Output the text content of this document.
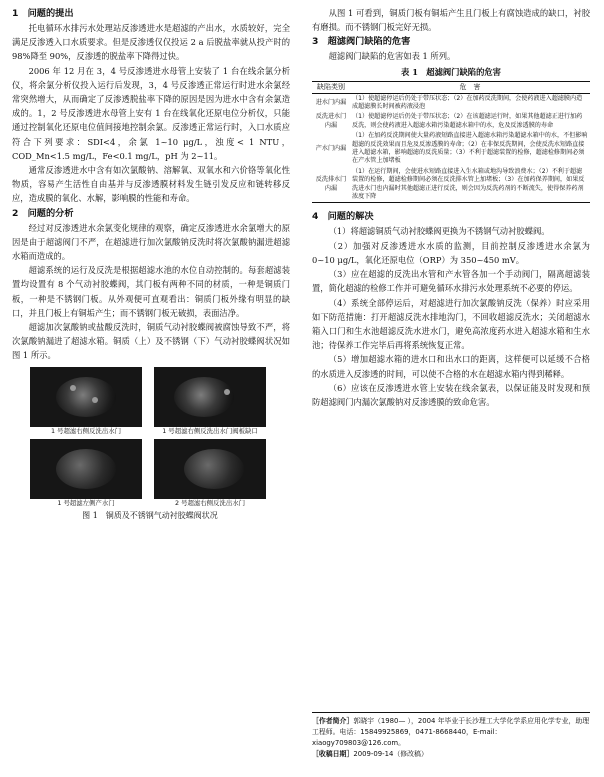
1　问题的提出

托电循环水排污水处理站反渗透进水是超滤的产出水，水质较好，完全满足反渗透入口水质要求。但是反渗透仅仅投运 2 a 后脱盐率就从投产时的 98%降至 90%，反渗透的脱盐率下降得过快。

2006 年 12 月在 3，4 号反渗透进水母管上安装了 1 台在线余氯分析仪，将余氯分析仪投入运行后发现，3，4 号反渗透正常运行时进水余氯经常突然增大，从而确定了反渗透脱盐率下降的原因是因为进水中含有余氯造成的。1，2 号反渗透进水母管上安有 1 台在线氧化还原电位分析仪，只能通过控制氧化还原电位值间接地控制余氯。反渗透正常运行时，入口水质应符合下列要求：SDI<4，余氯 1~10 μg/L，浊度< 1 NTU，COD_Mn<1.5 mg/L，Fe<0.1 mg/L，pH 为 2~11。

通常反渗透进水中含有如次氯酸钠、溶解氧、双氧水和六价铬等氧化性物质，容易产生活性自由基并与反渗透膜材料发生链引发反应和链转移反应，造成膜的氧化、水解，影响膜的性能和寿命。

2　问题的分析

经过对反渗透进水余氯变化规律的观察，确定反渗透进水余氯增大的原因是由于超滤阀门不严，在超滤进行加次氯酸钠反洗时将次氯酸钠漏进超滤水箱而造成的。

超滤系统的运行及反洗是根据超滤水池的水位自动控制的。每套超滤装置均设置有 8 个气动衬胶蝶阀，其门板有两种不同的材质，一种是铜质门板，一种是不锈钢门板。从外观便可直观看出：铜质门板外缘有明显的缺口，并且门板上有铜垢产生；而不锈钢门板无破损，表面洁净。

超滤加次氯酸钠或盐酸反洗时，铜质气动衬胶蝶阀被腐蚀导致不严，将次氯酸钠漏进了超滤水箱。铜质（上）及不锈钢（下）气动衬胶蝶阀状况如图 1 所示。

1 号超滤右侧反洗出水门	1 号超滤右侧反洗出水门阀板缺口
1 号超滤左侧产水门	2 号超滤右侧反洗出水门
图 1　铜质及不锈钢气动衬胶蝶阀状况

从图 1 可看到，铜质门板有铜垢产生且门板上有腐蚀造成的缺口，衬胶有磨损。而不锈钢门板完好无损。

3　超滤阀门缺陷的危害

超滤阀门缺陷的危害如表 1 所列。

表 1　超滤阀门缺陷的危害
缺陷类别	危　害
进水门内漏	（1）使超滤停运后仍处于带压状态；（2）在加药反洗期间，会使药液进入超滤膜内造成超滤膜长时间被药液浸泡
反洗进水门内漏	（1）使超滤停运后仍处于带压状态；（2）在该超滤运行时，如果其他超滤正进行加药反洗，则会使药液进入超滤水箱污染超滤水箱中的水，危及反渗透膜的寿命
产水门内漏	（1）在加药反洗期间使大量药液短路直接进入超滤水箱污染超滤水箱中的水，不但影响超滤的反洗效果而且危及反渗透膜的寿命；（2）在非保反洗期间，会使反洗水短路直接进入超滤水箱，影响超滤的反洗质量；（3）不利于超滤装置的检修，超滤检修期间必须在产水管上加堵板
反洗排水门内漏	（1）在运行期间，会使进水短路直接进入生水箱或地沟导致浪费水；（2）不利于超滤装置的检修，超滤检修期间必须在反洗排水管上加堵板；（3）在加药保养期间，如果反洗进水门也内漏时其他超滤正进行反洗，则会因为反洗药剂的不断流失，使得保养药剂浓度下降
4　问题的解决

（1）将超滤铜质气动衬胶蝶阀更换为不锈钢气动衬胶蝶阀。

（2）加强对反渗透进水水质的监测，目前控制反渗透进水余氯为 0~10 μg/L，氧化还原电位（ORP）为 350~450 mV。

（3）应在超滤的反洗出水管和产水管各加一个手动阀门，隔离超滤装置，简化超滤的检修工作并可避免循环水排污水处理系统不必要的停运。

（4）系统全部停运后，对超滤进行加次氯酸钠反洗（保养）时应采用如下防范措施：打开超滤反洗水排地沟门，不回收超滤反洗水；关闭超滤水箱入口门和生水池超滤反洗水进水门，避免高浓度药水进入超滤水箱和生水池；待保养工作完毕后再将系统恢复正常。

（5）增加超滤水箱的进水口和出水口的距离，这样便可以延缓不合格的水质进入反渗透的时间，可以使不合格的水在超滤水箱内得到稀释。

（6）应该在反渗透进水管上安装在线余氯表，以保证能及时发现和预防超滤阀门内漏次氯酸钠对反渗透膜的致命危害。

［作者简介］郭晓宇（1980— ），2004 年毕业于长沙理工大学化学系应用化学专业，助理工程师。电话：15849925869，0471-8668440，E-mail：xiaogy709803@126.com。
［收稿日期］2009-09-14（修改稿）
